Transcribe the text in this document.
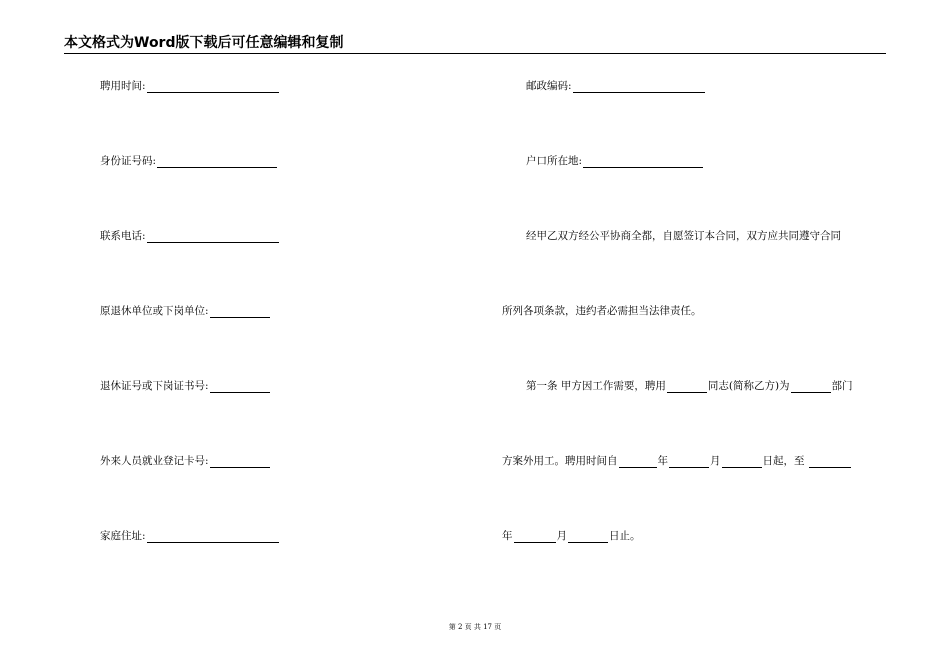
本文格式为Word版下载后可任意编辑和复制
聘用时间:
身份证号码:
联系电话:
原退休单位或下岗单位:
退休证号或下岗证书号:
外来人员就业登记卡号:
家庭住址:
邮政编码:
户口所在地:
经甲乙双方经公平协商全都，自愿签订本合同，双方应共同遵守合同
所列各项条款，违约者必需担当法律责任。
第一条 甲方因工作需要，聘用	同志(简称乙方)为	部门
方案外用工。聘用时间自	年	月	日起，至
年	月	日止。
第 2 页 共 17 页
